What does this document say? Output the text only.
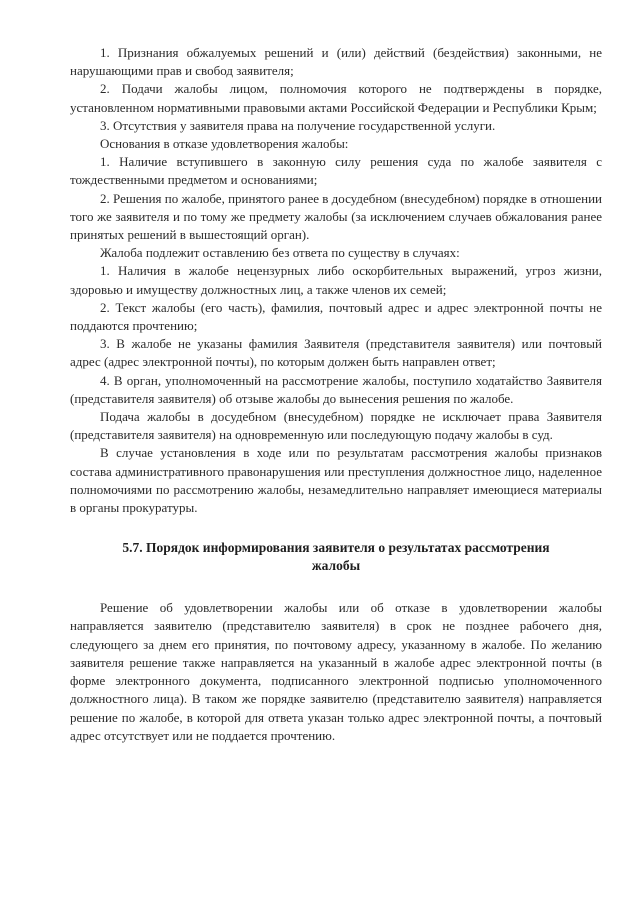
1. Признания обжалуемых решений и (или) действий (бездействия) законными, не нарушающими прав и свобод заявителя;

2. Подачи жалобы лицом, полномочия которого не подтверждены в порядке, установленном нормативными правовыми актами Российской Федерации и Республики Крым;

3. Отсутствия у заявителя права на получение государственной услуги.

Основания в отказе удовлетворения жалобы:

1. Наличие вступившего в законную силу решения суда по жалобе заявителя с тождественными предметом и основаниями;

2. Решения по жалобе, принятого ранее в досудебном (внесудебном) порядке в отношении того же заявителя и по тому же предмету жалобы (за исключением случаев обжалования ранее принятых решений в вышестоящий орган).

Жалоба подлежит оставлению без ответа по существу в случаях:

1. Наличия в жалобе нецензурных либо оскорбительных выражений, угроз жизни, здоровью и имуществу должностных лиц, а также членов их семей;

2. Текст жалобы (его часть), фамилия, почтовый адрес и адрес электронной почты не поддаются прочтению;

3. В жалобе не указаны фамилия Заявителя (представителя заявителя) или почтовый адрес (адрес электронной почты), по которым должен быть направлен ответ;

4. В орган, уполномоченный на рассмотрение жалобы, поступило ходатайство Заявителя (представителя заявителя) об отзыве жалобы до вынесения решения по жалобе.

Подача жалобы в досудебном (внесудебном) порядке не исключает права Заявителя (представителя заявителя) на одновременную или последующую подачу жалобы в суд.

В случае установления в ходе или по результатам рассмотрения жалобы признаков состава административного правонарушения или преступления должностное лицо, наделенное полномочиями по рассмотрению жалобы, незамедлительно направляет имеющиеся материалы в органы прокуратуры.

5.7. Порядок информирования заявителя о результатах рассмотрения
жалобы

Решение об удовлетворении жалобы или об отказе в удовлетворении жалобы направляется заявителю (представителю заявителя) в срок не позднее рабочего дня, следующего за днем его принятия, по почтовому адресу, указанному в жалобе. По желанию заявителя решение также направляется на указанный в жалобе адрес электронной почты (в форме электронного документа, подписанного электронной подписью уполномоченного должностного лица). В таком же порядке заявителю (представителю заявителя) направляется решение по жалобе, в которой для ответа указан только адрес электронной почты, а почтовый адрес отсутствует или не поддается прочтению.
